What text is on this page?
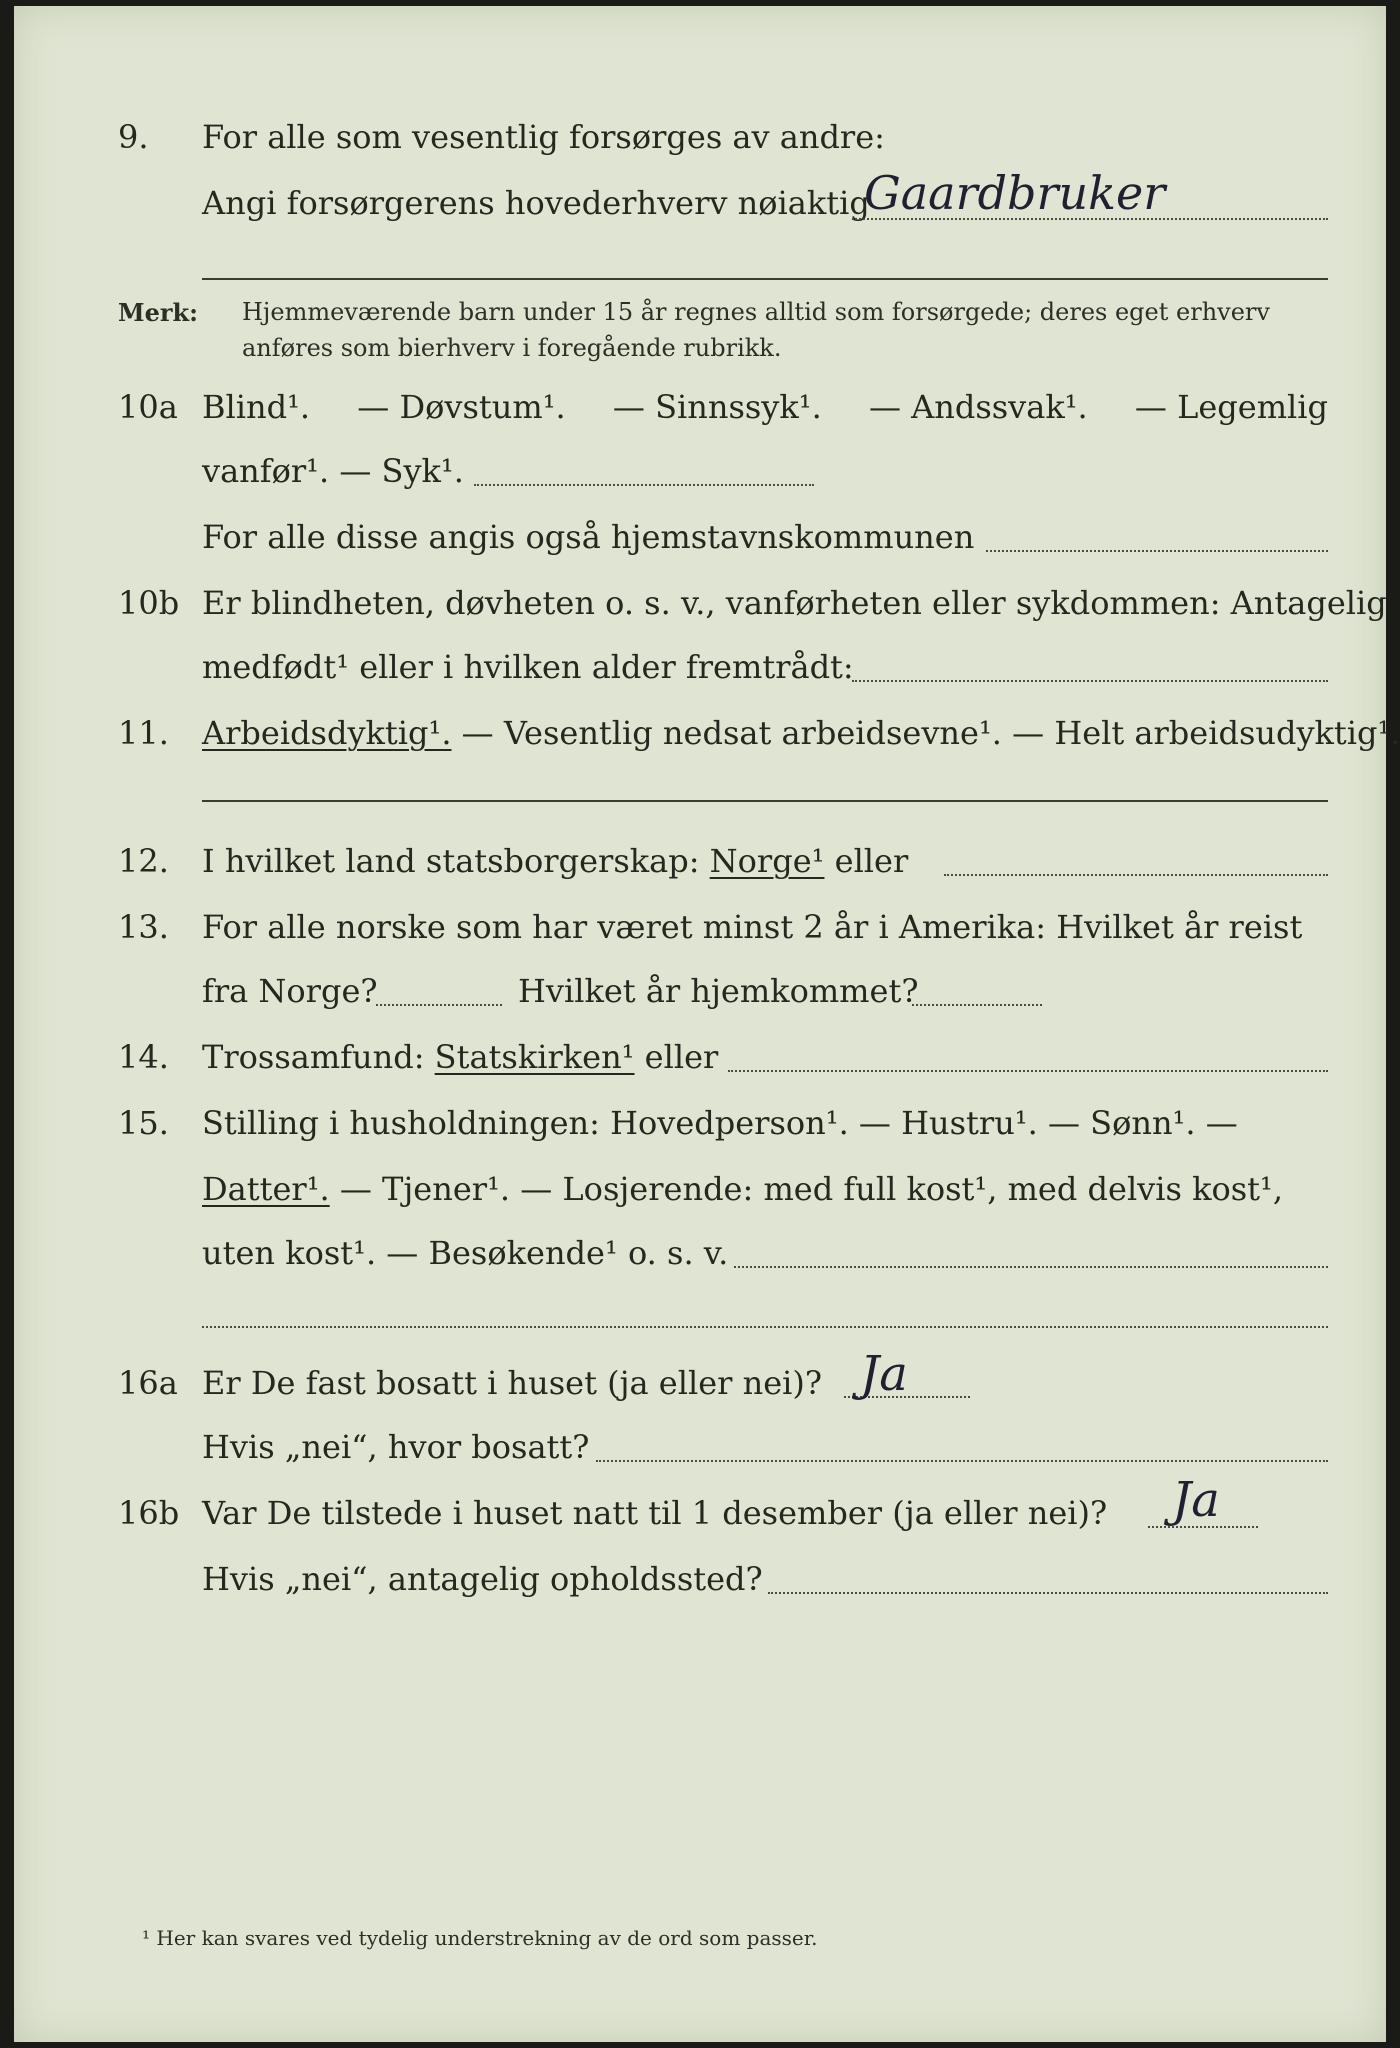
9. For alle som vesentlig forsørges av andre:
Angi forsørgerens hovederhverv nøiaktig
Gaardbruker
Merk: Hjemmeværende barn under 15 år regnes alltid som forsørgede; deres eget erhverv
anføres som bierhverv i foregående rubrikk.
10a Blind¹. — Døvstum¹. — Sinnssyk¹. — Andssvak¹. — Legemlig
vanfør¹. — Syk¹.
For alle disse angis også hjemstavnskommunen
10b Er blindheten, døvheten o. s. v., vanførheten eller sykdommen: Antagelig
medfødt¹ eller i hvilken alder fremtrådt:
11. Arbeidsdyktig¹. — Vesentlig nedsat arbeidsevne¹. — Helt arbeidsudyktig¹.
12. I hvilket land statsborgerskap: Norge¹ eller
13. For alle norske som har været minst 2 år i Amerika: Hvilket år reist
fra Norge?	Hvilket år hjemkommet?
14. Trossamfund: Statskirken¹ eller
15. Stilling i husholdningen: Hovedperson¹. — Hustru¹. — Sønn¹. —
Datter¹. — Tjener¹. — Losjerende: med full kost¹, med delvis kost¹,
uten kost¹. — Besøkende¹ o. s. v.
16a Er De fast bosatt i huset (ja eller nei)? Ja
Hvis „nei“, hvor bosatt?
16b Var De tilstede i huset natt til 1 desember (ja eller nei)? Ja
Hvis „nei“, antagelig opholdssted?
¹ Her kan svares ved tydelig understrekning av de ord som passer.
